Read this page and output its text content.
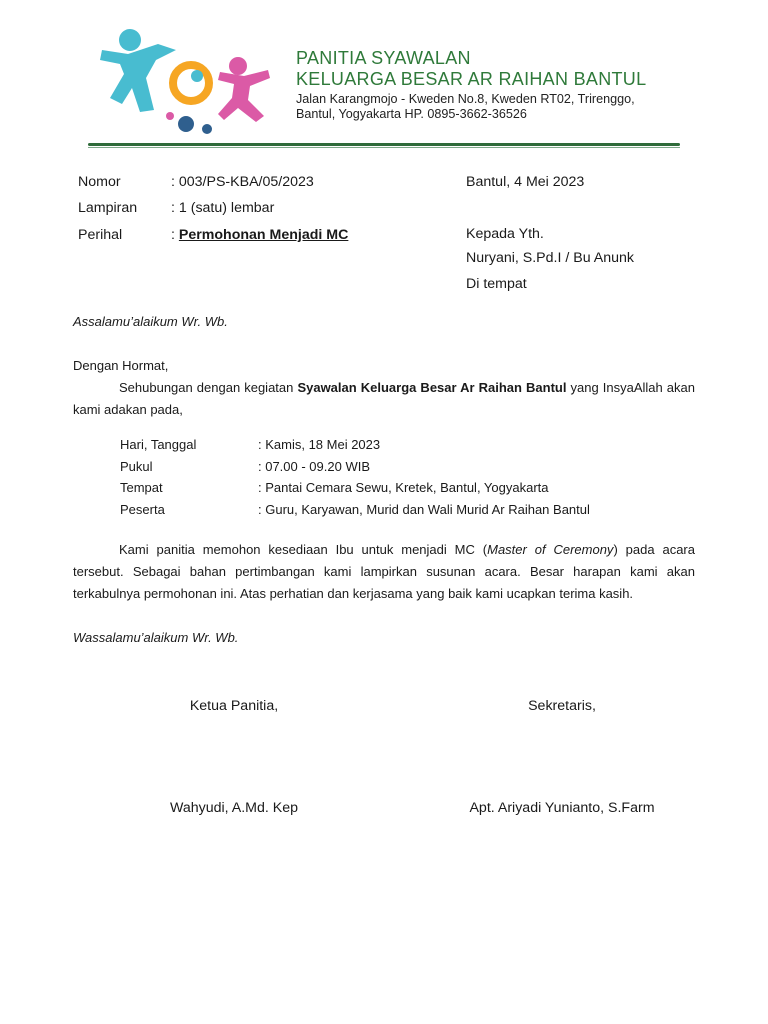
PANITIA SYAWALAN
KELUARGA BESAR AR RAIHAN BANTUL
Jalan Karangmojo - Kweden No.8, Kweden RT02, Trirenggo,
Bantul, Yogyakarta HP. 0895-3662-36526
Nomor	: 003/PS-KBA/05/2023
Lampiran : 1 (satu) lembar
Perihal	: Permohonan Menjadi MC
Bantul, 4 Mei 2023
Kepada Yth.
Nuryani, S.Pd.I / Bu Anunk
Di tempat
Assalamu’alaikum Wr. Wb.
Dengan Hormat,
Sehubungan dengan kegiatan Syawalan Keluarga Besar Ar Raihan Bantul yang InsyaAllah akan kami adakan pada,
Hari, Tanggal	: Kamis, 18 Mei 2023
Pukul	: 07.00 - 09.20 WIB
Tempat	: Pantai Cemara Sewu, Kretek, Bantul, Yogyakarta
Peserta	: Guru, Karyawan, Murid dan Wali Murid Ar Raihan Bantul
Kami panitia memohon kesediaan Ibu untuk menjadi MC (Master of Ceremony) pada acara tersebut. Sebagai bahan pertimbangan kami lampirkan susunan acara. Besar harapan kami akan terkabulnya permohonan ini. Atas perhatian dan kerjasama yang baik kami ucapkan terima kasih.
Wassalamu’alaikum Wr. Wb.
Ketua Panitia,	Sekretaris,
Wahyudi, A.Md. Kep	Apt. Ariyadi Yunianto, S.Farm
